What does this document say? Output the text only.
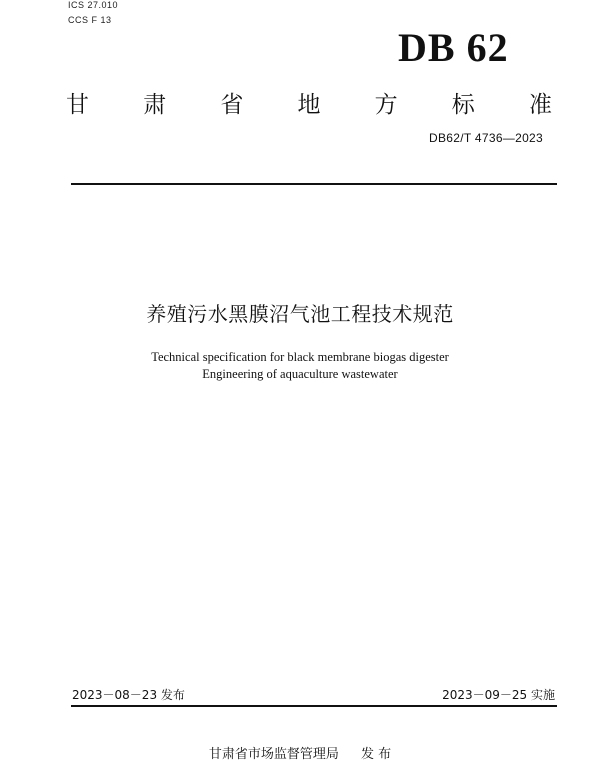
ICS 27.010
CCS F 13
DB 62
甘 肃 省 地 方 标 准
DB62/T 4736—2023
养殖污水黑膜沼气池工程技术规范
Technical specification for black membrane biogas digester
Engineering of aquaculture wastewater
2023－08－23 发布	2023－09－25 实施
甘肃省市场监督管理局 发 布
